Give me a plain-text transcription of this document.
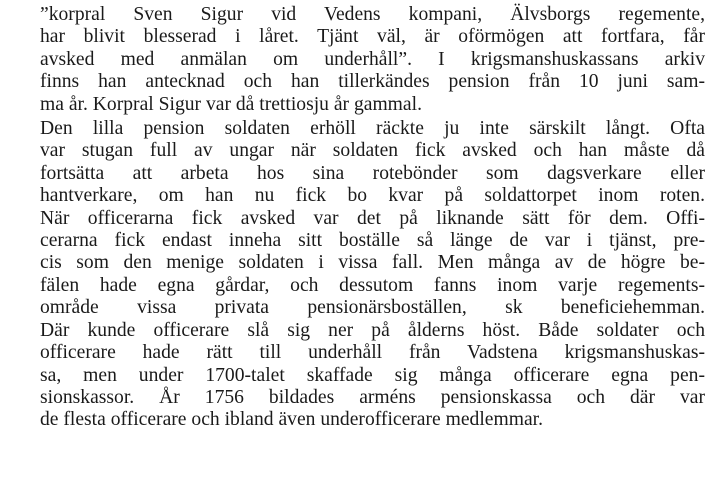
”korpral Sven Sigur vid Vedens kompani, Älvsborgs regemente,
har blivit blesserad i låret. Tjänt väl, är oförmögen att fortfara, får
avsked med anmälan om underhåll”. I krigsmanshuskassans arkiv
finns han antecknad och han tillerkändes pension från 10 juni sam-
ma år. Korpral Sigur var då trettiosju år gammal.
Den lilla pension soldaten erhöll räckte ju inte särskilt långt. Ofta
var stugan full av ungar när soldaten fick avsked och han måste då
fortsätta att arbeta hos sina rotebönder som dagsverkare eller
hantverkare, om han nu fick bo kvar på soldattorpet inom roten.
När officerarna fick avsked var det på liknande sätt för dem. Offi-
cerarna fick endast inneha sitt boställe så länge de var i tjänst, pre-
cis som den menige soldaten i vissa fall. Men många av de högre be-
fälen hade egna gårdar, och dessutom fanns inom varje regements-
område vissa privata pensionärsboställen, sk beneficiehemman.
Där kunde officerare slå sig ner på ålderns höst. Både soldater och
officerare hade rätt till underhåll från Vadstena krigsmanshuskas-
sa, men under 1700-talet skaffade sig många officerare egna pen-
sionskassor. År 1756 bildades arméns pensionskassa och där var
de flesta officerare och ibland även underofficerare medlemmar.
